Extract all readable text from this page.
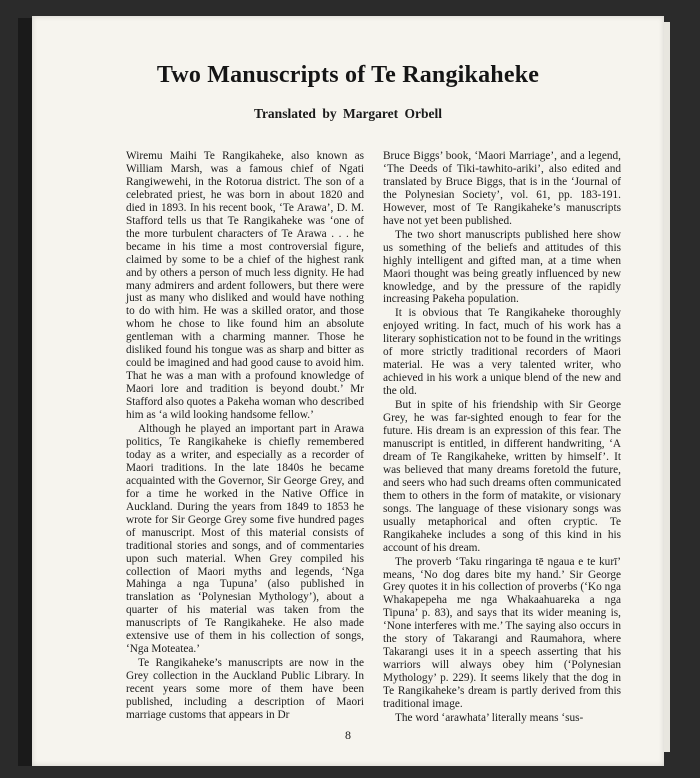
Two Manuscripts of Te Rangikaheke
Translated by Margaret Orbell

Wiremu Maihi Te Rangikaheke, also known as William Marsh, was a famous chief of Ngati Rangiwewehi, in the Rotorua district. The son of a celebrated priest, he was born in about 1820 and died in 1893. In his recent book, ‘Te Arawa’, D. M. Stafford tells us that Te Rangikaheke was ‘one of the more turbulent characters of Te Arawa . . . he became in his time a most controversial figure, claimed by some to be a chief of the highest rank and by others a person of much less dignity. He had many admirers and ardent followers, but there were just as many who disliked and would have nothing to do with him. He was a skilled orator, and those whom he chose to like found him an absolute gentleman with a charming manner. Those he disliked found his tongue was as sharp and bitter as could be imagined and had good cause to avoid him. That he was a man with a profound knowledge of Maori lore and tradition is beyond doubt.’ Mr Stafford also quotes a Pakeha woman who described him as ‘a wild looking handsome fellow.’

Although he played an important part in Arawa politics, Te Rangikaheke is chiefly remembered today as a writer, and especially as a recorder of Maori traditions. In the late 1840s he became acquainted with the Governor, Sir George Grey, and for a time he worked in the Native Office in Auckland. During the years from 1849 to 1853 he wrote for Sir George Grey some five hundred pages of manuscript. Most of this material consists of traditional stories and songs, and of commentaries upon such material. When Grey compiled his collection of Maori myths and legends, ‘Nga Mahinga a nga Tupuna’ (also published in translation as ‘Polynesian Mythology’), about a quarter of his material was taken from the manuscripts of Te Rangikaheke. He also made extensive use of them in his collection of songs, ‘Nga Moteatea.’

Te Rangikaheke’s manuscripts are now in the Grey collection in the Auckland Public Library. In recent years some more of them have been published, including a description of Maori marriage customs that appears in Dr

Bruce Biggs’ book, ‘Maori Marriage’, and a legend, ‘The Deeds of Tiki-tawhito-ariki’, also edited and translated by Bruce Biggs, that is in the ‘Journal of the Polynesian Society’, vol. 61, pp. 183-191. However, most of Te Rangikaheke’s manuscripts have not yet been published.

The two short manuscripts published here show us something of the beliefs and attitudes of this highly intelligent and gifted man, at a time when Maori thought was being greatly influenced by new knowledge, and by the pressure of the rapidly increasing Pakeha population.

It is obvious that Te Rangikaheke thoroughly enjoyed writing. In fact, much of his work has a literary sophistication not to be found in the writings of more strictly traditional recorders of Maori material. He was a very talented writer, who achieved in his work a unique blend of the new and the old.

But in spite of his friendship with Sir George Grey, he was far-sighted enough to fear for the future. His dream is an expression of this fear. The manuscript is entitled, in different handwriting, ‘A dream of Te Rangikaheke, written by himself’. It was believed that many dreams foretold the future, and seers who had such dreams often communicated them to others in the form of matakite, or visionary songs. The language of these visionary songs was usually metaphorical and often cryptic. Te Rangikaheke includes a song of this kind in his account of his dream.

The proverb ‘Taku ringaringa tē ngaua e te kurī’ means, ‘No dog dares bite my hand.’ Sir George Grey quotes it in his collection of proverbs (‘Ko nga Whakapepeha me nga Whakaahuareka a nga Tipuna’ p. 83), and says that its wider meaning is, ‘None interferes with me.’ The saying also occurs in the story of Takarangi and Raumahora, where Takarangi uses it in a speech asserting that his warriors will always obey him (‘Polynesian Mythology’ p. 229). It seems likely that the dog in Te Rangikaheke’s dream is partly derived from this traditional image.

The word ‘arawhata’ literally means ‘sus-

8
